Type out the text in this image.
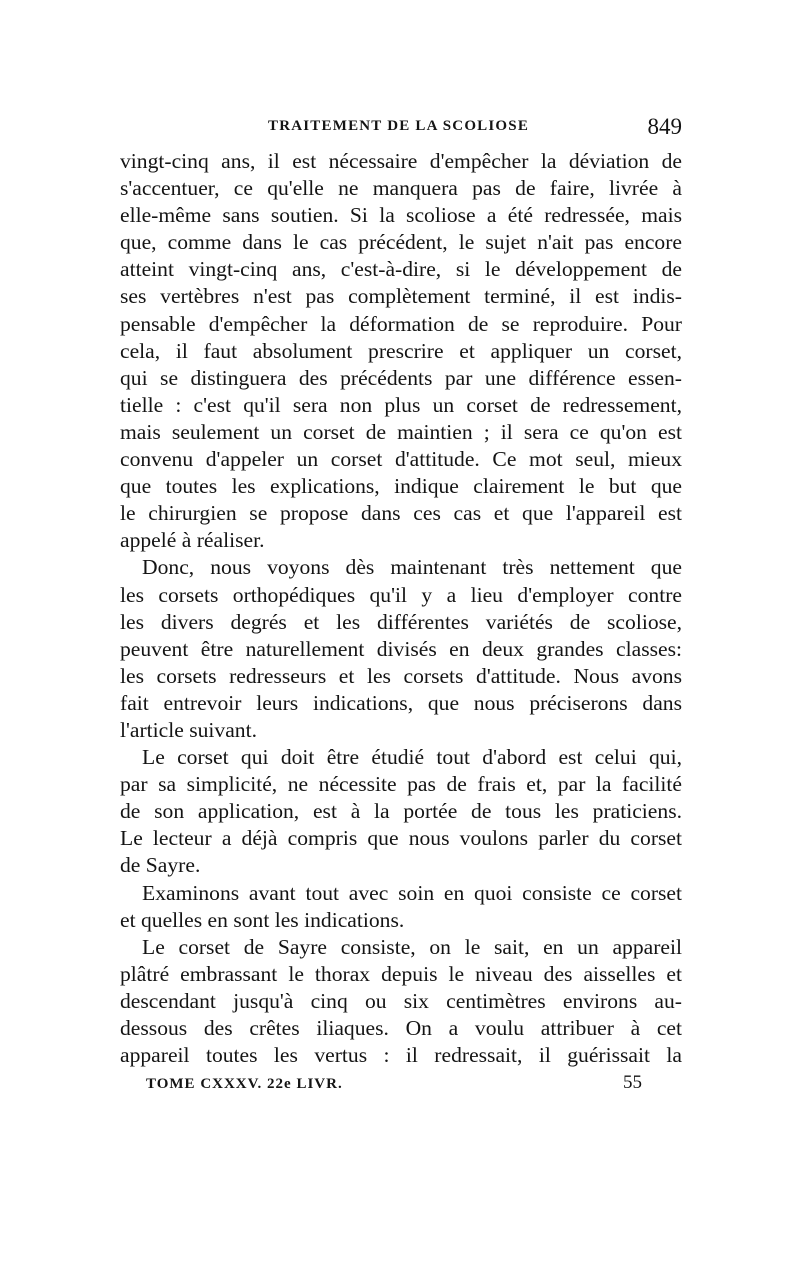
TRAITEMENT DE LA SCOLIOSE	849
vingt-cinq ans, il est nécessaire d'empêcher la déviation de
s'accentuer, ce qu'elle ne manquera pas de faire, livrée à
elle-même sans soutien. Si la scoliose a été redressée, mais
que, comme dans le cas précédent, le sujet n'ait pas encore
atteint vingt-cinq ans, c'est-à-dire, si le développement de
ses vertèbres n'est pas complètement terminé, il est indis-
pensable d'empêcher la déformation de se reproduire. Pour
cela, il faut absolument prescrire et appliquer un corset,
qui se distinguera des précédents par une différence essen-
tielle : c'est qu'il sera non plus un corset de redressement,
mais seulement un corset de maintien ; il sera ce qu'on est
convenu d'appeler un corset d'attitude. Ce mot seul, mieux
que toutes les explications, indique clairement le but que
le chirurgien se propose dans ces cas et que l'appareil est
appelé à réaliser.
Donc, nous voyons dès maintenant très nettement que
les corsets orthopédiques qu'il y a lieu d'employer contre
les divers degrés et les différentes variétés de scoliose,
peuvent être naturellement divisés en deux grandes classes:
les corsets redresseurs et les corsets d'attitude. Nous avons
fait entrevoir leurs indications, que nous préciserons dans
l'article suivant.
Le corset qui doit être étudié tout d'abord est celui qui,
par sa simplicité, ne nécessite pas de frais et, par la facilité
de son application, est à la portée de tous les praticiens.
Le lecteur a déjà compris que nous voulons parler du corset
de Sayre.
Examinons avant tout avec soin en quoi consiste ce corset
et quelles en sont les indications.
Le corset de Sayre consiste, on le sait, en un appareil
plâtré embrassant le thorax depuis le niveau des aisselles et
descendant jusqu'à cinq ou six centimètres environs au-
dessous des crêtes iliaques. On a voulu attribuer à cet
appareil toutes les vertus : il redressait, il guérissait la
TOME CXXXV. 22e LIVR.	55
